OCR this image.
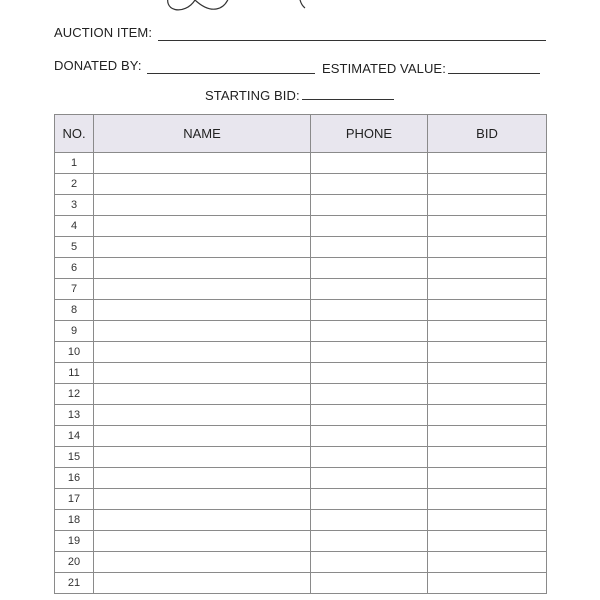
AUCTION ITEM:
DONATED BY:	ESTIMATED VALUE:
STARTING BID:
NO.	NAME	PHONE	BID
1			
2			
3			
4			
5			
6			
7			
8			
9			
10			
11			
12			
13			
14			
15			
16			
17			
18			
19			
20			
21			
